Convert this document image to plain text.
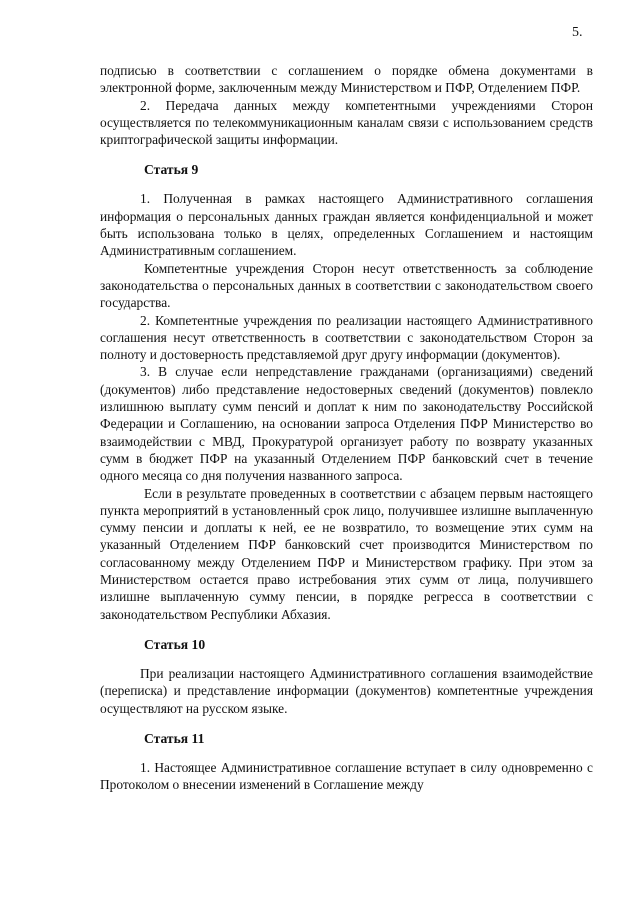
5.

подписью в соответствии с соглашением о порядке обмена документами в электронной форме, заключенным между Министерством и ПФР, Отделением ПФР.

2. Передача данных между компетентными учреждениями Сторон осуществляется по телекоммуникационным каналам связи с использованием средств криптографической защиты информации.

Статья 9

1. Полученная в рамках настоящего Административного соглашения информация о персональных данных граждан является конфиденциальной и может быть использована только в целях, определенных Соглашением и настоящим Административным соглашением.

Компетентные учреждения Сторон несут ответственность за соблюдение законодательства о персональных данных в соответствии с законодательством своего государства.

2. Компетентные учреждения по реализации настоящего Административного соглашения несут ответственность в соответствии с законодательством Сторон за полноту и достоверность представляемой друг другу информации (документов).

3. В случае если непредставление гражданами (организациями) сведений (документов) либо представление недостоверных сведений (документов) повлекло излишнюю выплату сумм пенсий и доплат к ним по законодательству Российской Федерации и Соглашению, на основании запроса Отделения ПФР Министерство во взаимодействии с МВД, Прокуратурой организует работу по возврату указанных сумм в бюджет ПФР на указанный Отделением ПФР банковский счет в течение одного месяца со дня получения названного запроса.

Если в результате проведенных в соответствии с абзацем первым настоящего пункта мероприятий в установленный срок лицо, получившее излишне выплаченную сумму пенсии и доплаты к ней, ее не возвратило, то возмещение этих сумм на указанный Отделением ПФР банковский счет производится Министерством по согласованному между Отделением ПФР и Министерством графику. При этом за Министерством остается право истребования этих сумм от лица, получившего излишне выплаченную сумму пенсии, в порядке регресса в соответствии с законодательством Республики Абхазия.

Статья 10

При реализации настоящего Административного соглашения взаимодействие (переписка) и представление информации (документов) компетентные учреждения осуществляют на русском языке.

Статья 11

1. Настоящее Административное соглашение вступает в силу одновременно с Протоколом о внесении изменений в Соглашение между
